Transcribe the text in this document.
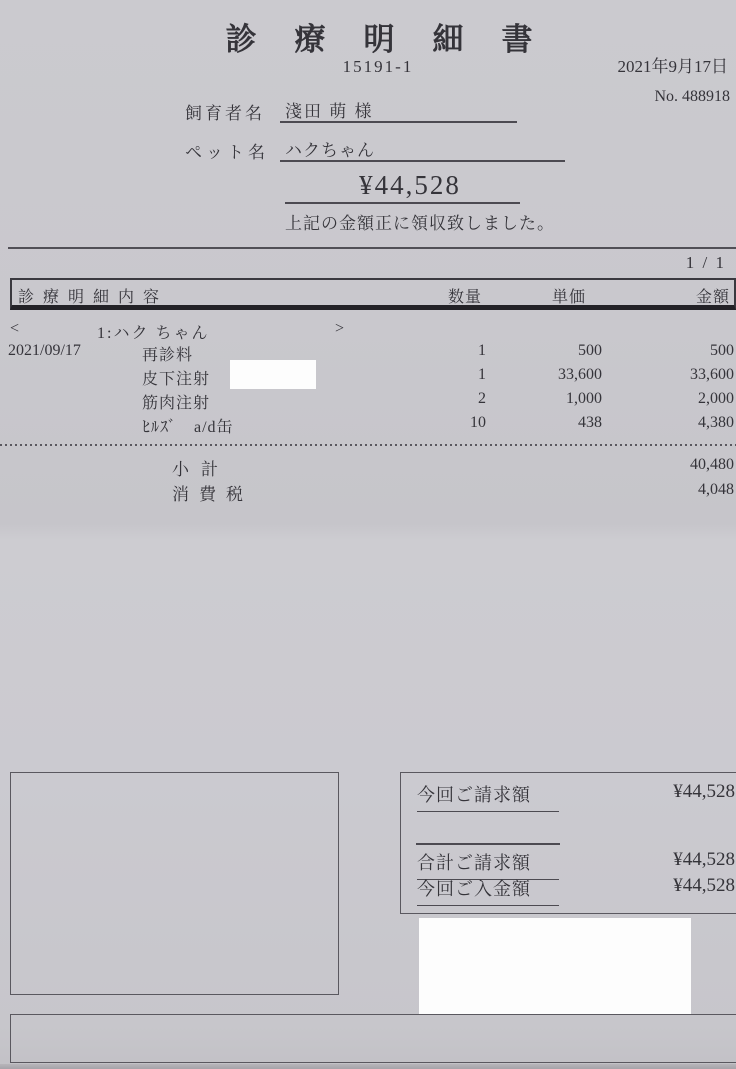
診療明細書
15191-1	2021年9月17日
No. 488918
飼育者名 淺田 萌 様
ペット名 ハクちゃん
¥44,528
上記の金額正に領収致しました。
1 / 1
診療明細内容	数量	単価	金額
<	1:ハク ちゃん	>
2021/09/17	再診料	1	500	500
皮下注射	1	33,600	33,600
筋肉注射	2	1,000	2,000
ﾋﾙｽﾞ　a/d缶	10	438	4,380
小計	40,480
消費税	4,048
今回ご請求額	¥44,528
合計ご請求額	¥44,528
今回ご入金額	¥44,528
